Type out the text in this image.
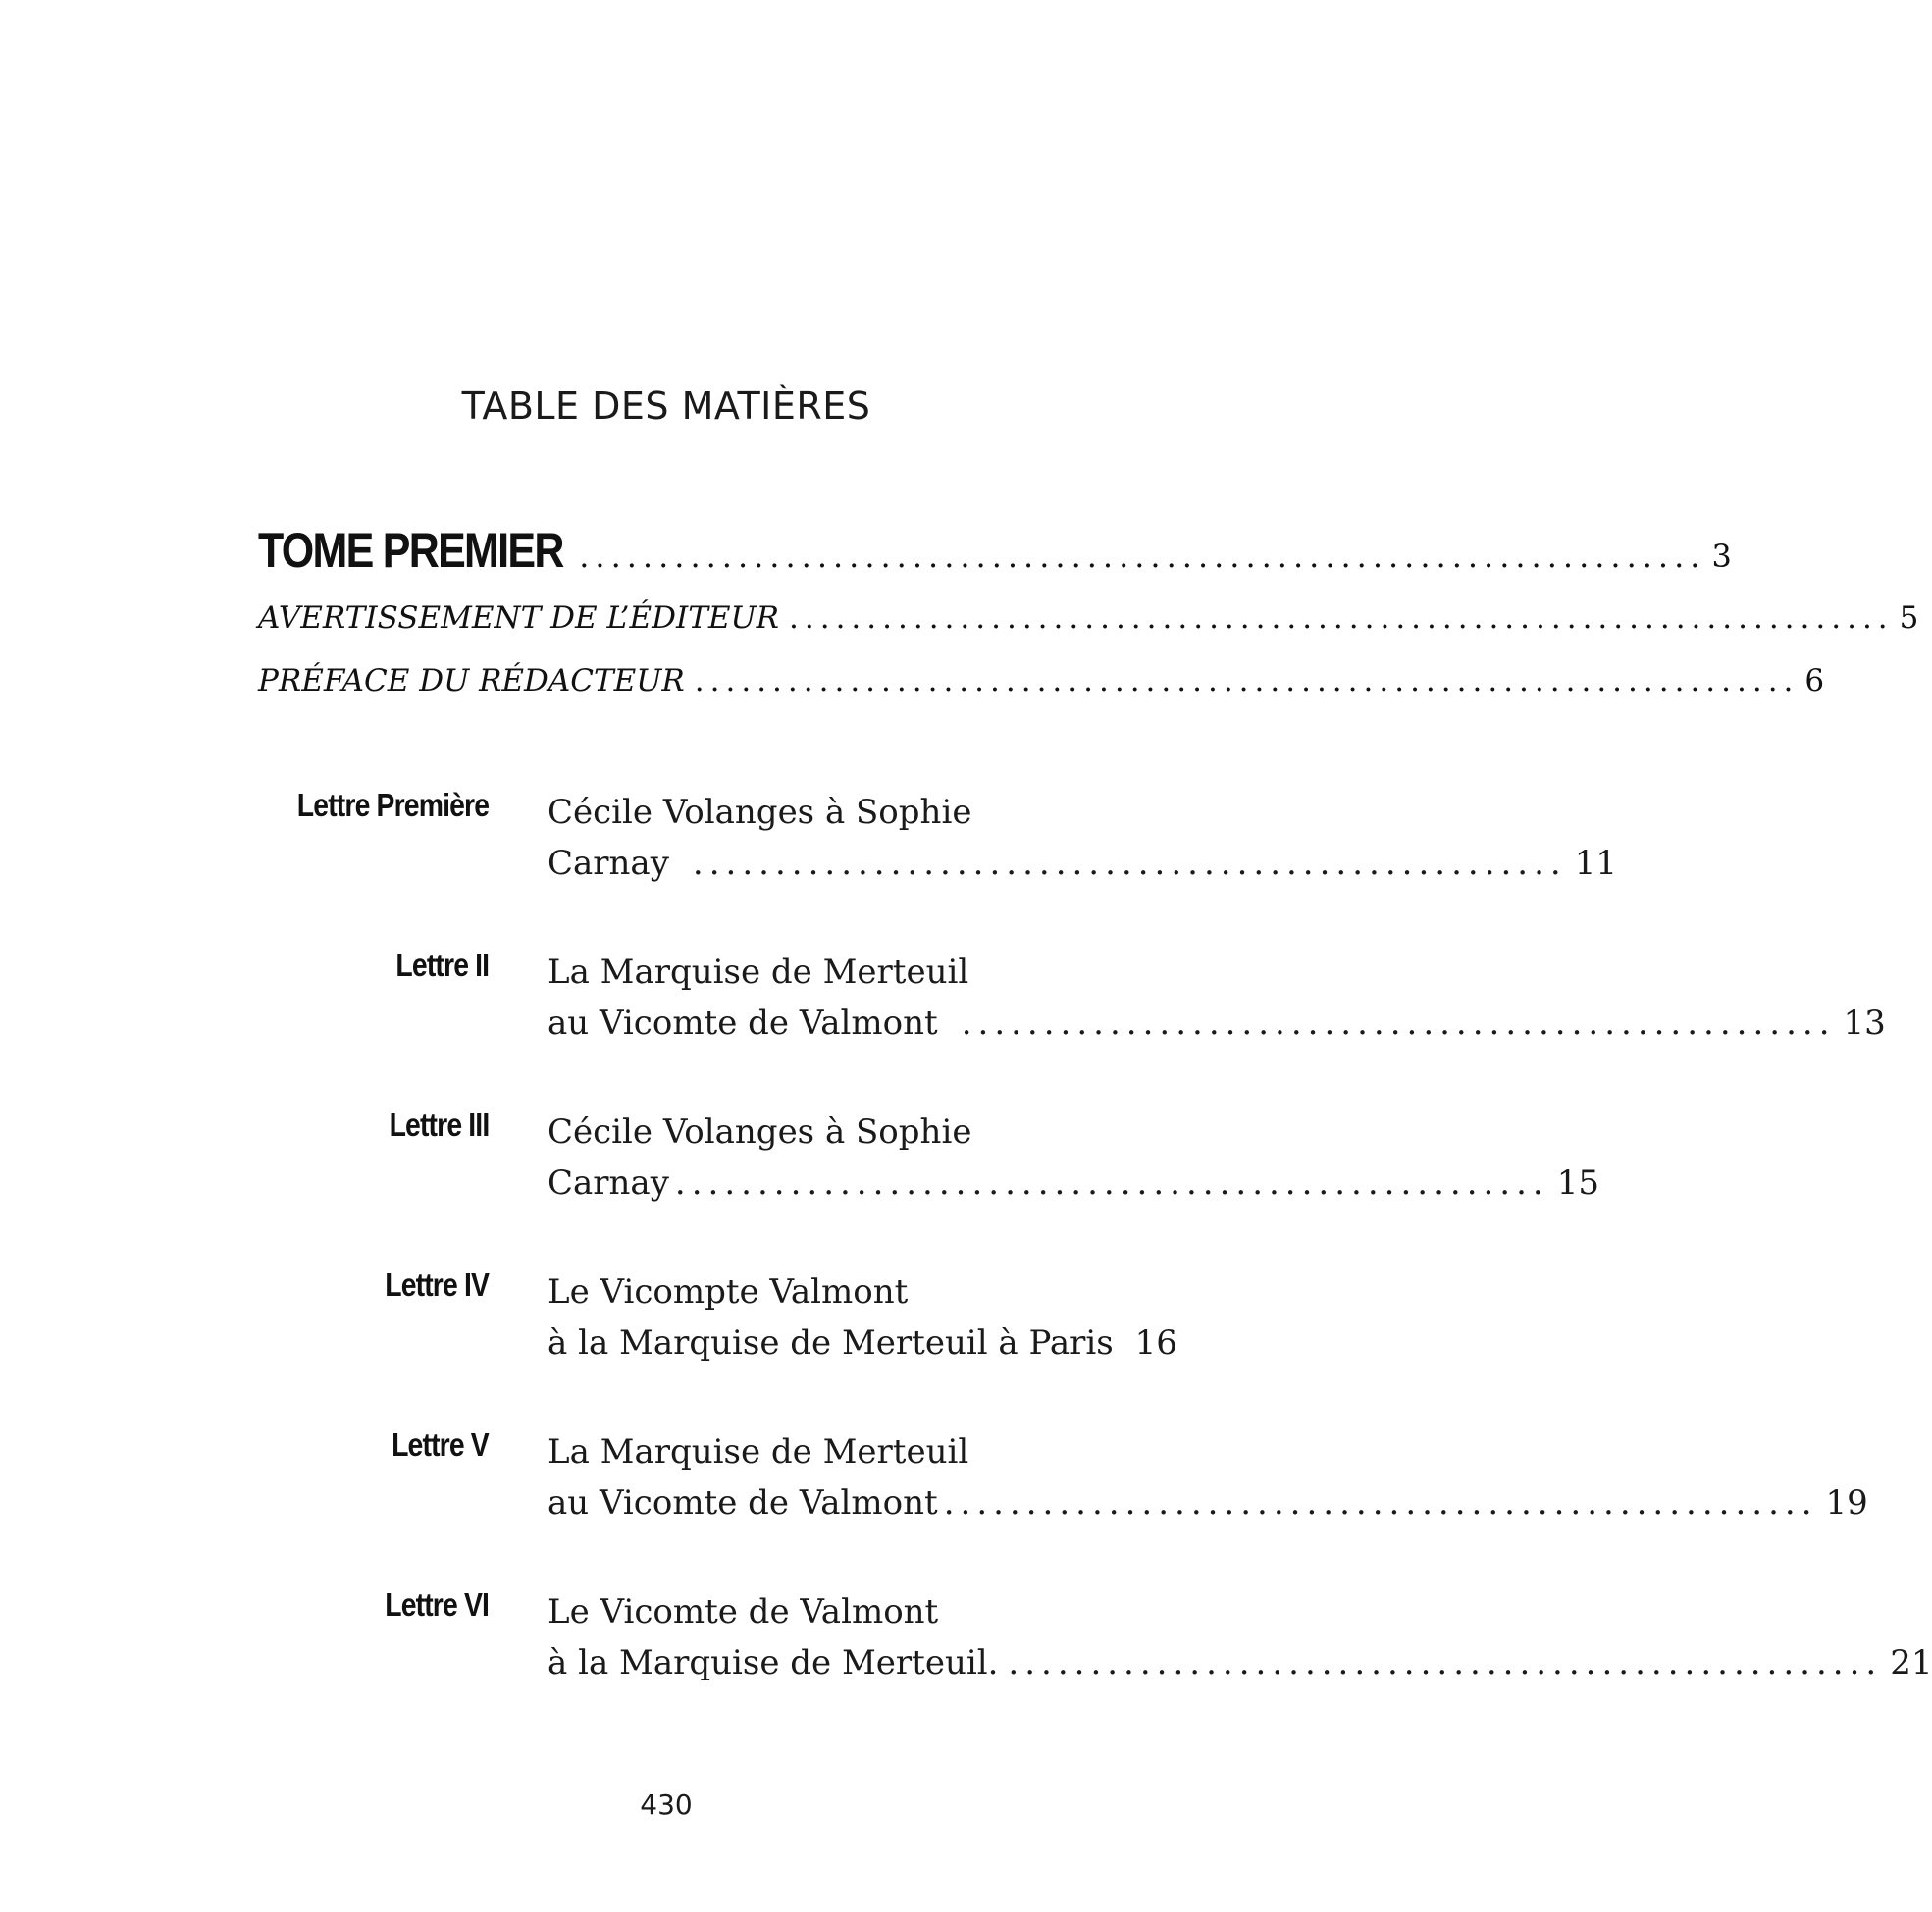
TABLE DES MATIÈRES
TOME PREMIER ....................................................................... 3
AVERTISSEMENT DE L’ÉDITEUR ....................................................................... 5
PRÉFACE DU RÉDACTEUR ....................................................................... 6
Lettre Première Cécile Volanges à Sophie
Carnay ..................................................... 11
Lettre II La Marquise de Merteuil
au Vicomte de Valmont ..................................................... 13
Lettre III Cécile Volanges à Sophie
Carnay ..................................................... 15
Lettre IV Le Vicompte Valmont
à la Marquise de Merteuil à Paris 16
Lettre V La Marquise de Merteuil
au Vicomte de Valmont ..................................................... 19
Lettre VI Le Vicomte de Valmont
à la Marquise de Merteuil. ..................................................... 21
430
